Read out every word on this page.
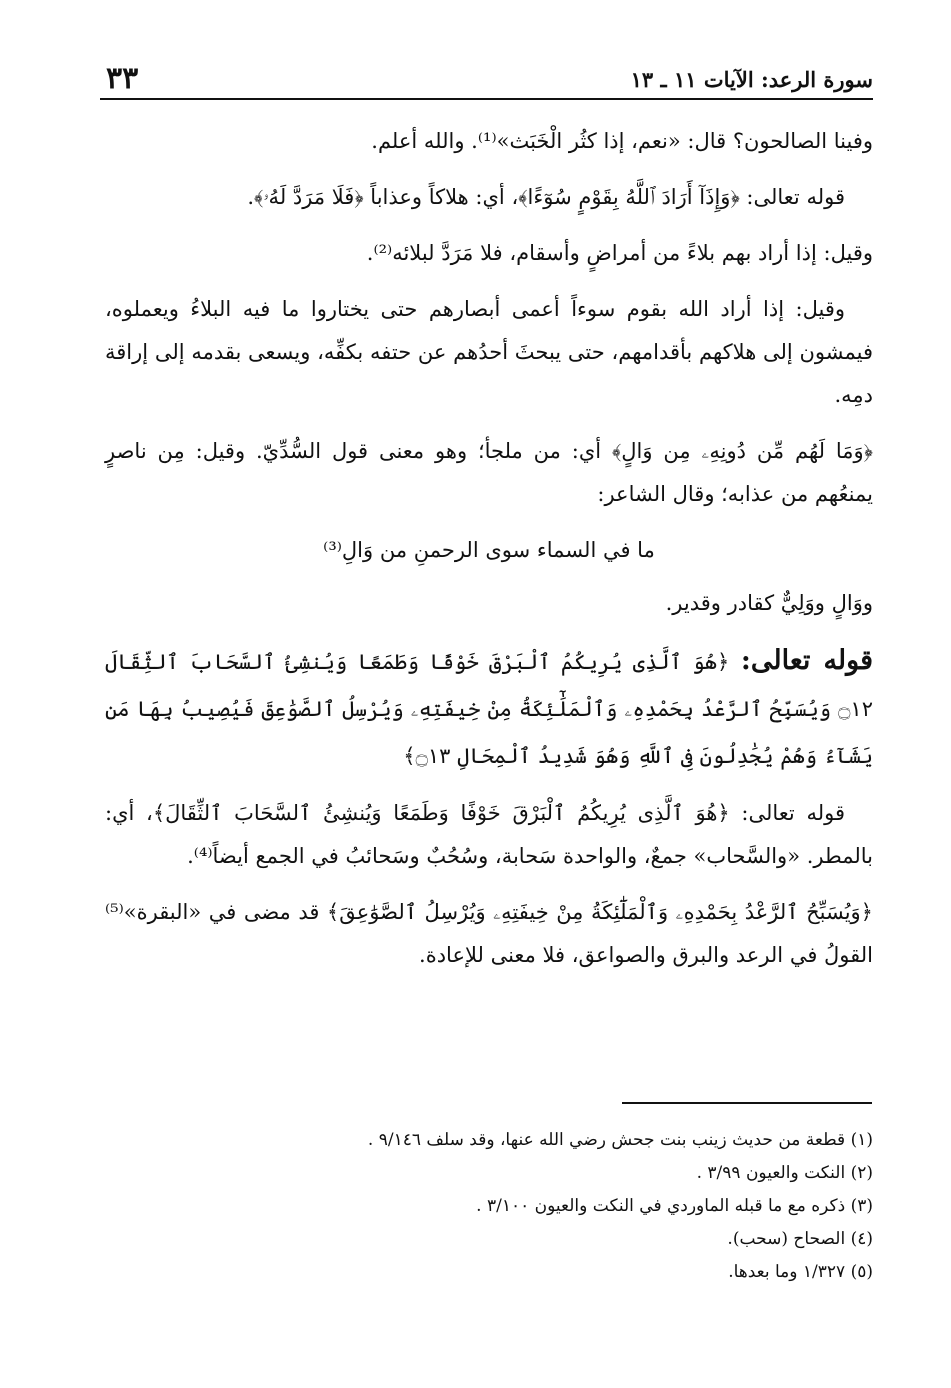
سورة الرعد: الآيات ١١ ـ ١٣
٣٣

وفينا الصالحون؟ قال: «نعم، إذا كثُر الْخَبَث»⁽¹⁾. والله أعلم.

قوله تعالى: ﴿وَإِذَآ أَرَادَ ٱللَّهُ بِقَوْمٍ سُوٓءًا﴾، أي: هلاكاً وعذاباً ﴿فَلَا مَرَدَّ لَهُۥ﴾.

وقيل: إذا أراد بهم بلاءً من أمراضٍ وأسقام، فلا مَرَدَّ لبلائه⁽²⁾.

وقيل: إذا أراد الله بقوم سوءاً أعمى أبصارهم حتى يختاروا ما فيه البلاءُ ويعملوه، فيمشون إلى هلاكهم بأقدامهم، حتى يبحثَ أحدُهم عن حتفه بكفِّه، ويسعى بقدمه إلى إراقة دمِه.

﴿وَمَا لَهُم مِّن دُونِهِۦ مِن وَالٍ﴾ أي: من ملجأ؛ وهو معنى قول السُّدِّيّ. وقيل: مِن ناصرٍ يمنعُهم من عذابه؛ وقال الشاعر:

ما في السماء سوى الرحمنِ من وَالِ⁽³⁾

ووَالٍ ووَلِيٌّ كقادر وقدير.

قوله تعالى: ﴿هُوَ ٱلَّذِى يُرِيكُمُ ٱلْبَرْقَ خَوْفًا وَطَمَعًا وَيُنشِئُ ٱلسَّحَابَ ٱلثِّقَالَ ۝١٢ وَيُسَبِّحُ ٱلرَّعْدُ بِحَمْدِهِۦ وَٱلْمَلَٰٓئِكَةُ مِنْ خِيفَتِهِۦ وَيُرْسِلُ ٱلصَّوَٰعِقَ فَيُصِيبُ بِهَا مَن يَشَآءُ وَهُمْ يُجَٰدِلُونَ فِى ٱللَّهِ وَهُوَ شَدِيدُ ٱلْمِحَالِ ۝١٣﴾

قوله تعالى: ﴿هُوَ ٱلَّذِى يُرِيكُمُ ٱلْبَرْقَ خَوْفًا وَطَمَعًا وَيُنشِئُ ٱلسَّحَابَ ٱلثِّقَالَ﴾، أي: بالمطر. «والسَّحاب» جمعٌ، والواحدة سَحابة، وسُحُبٌ وسَحائبُ في الجمع أيضاً⁽⁴⁾.

﴿وَيُسَبِّحُ ٱلرَّعْدُ بِحَمْدِهِۦ وَٱلْمَلَٰٓئِكَةُ مِنْ خِيفَتِهِۦ وَيُرْسِلُ ٱلصَّوَٰعِقَ﴾ قد مضى في «البقرة»⁽⁵⁾ القولُ في الرعد والبرق والصواعق، فلا معنى للإعادة.

(١) قطعة من حديث زينب بنت جحش رضي الله عنها، وقد سلف ٩/١٤٦ .
(٢) النكت والعيون ٣/٩٩ .
(٣) ذكره مع ما قبله الماوردي في النكت والعيون ٣/١٠٠ .
(٤) الصحاح (سحب).
(٥) ١/٣٢٧ وما بعدها.
